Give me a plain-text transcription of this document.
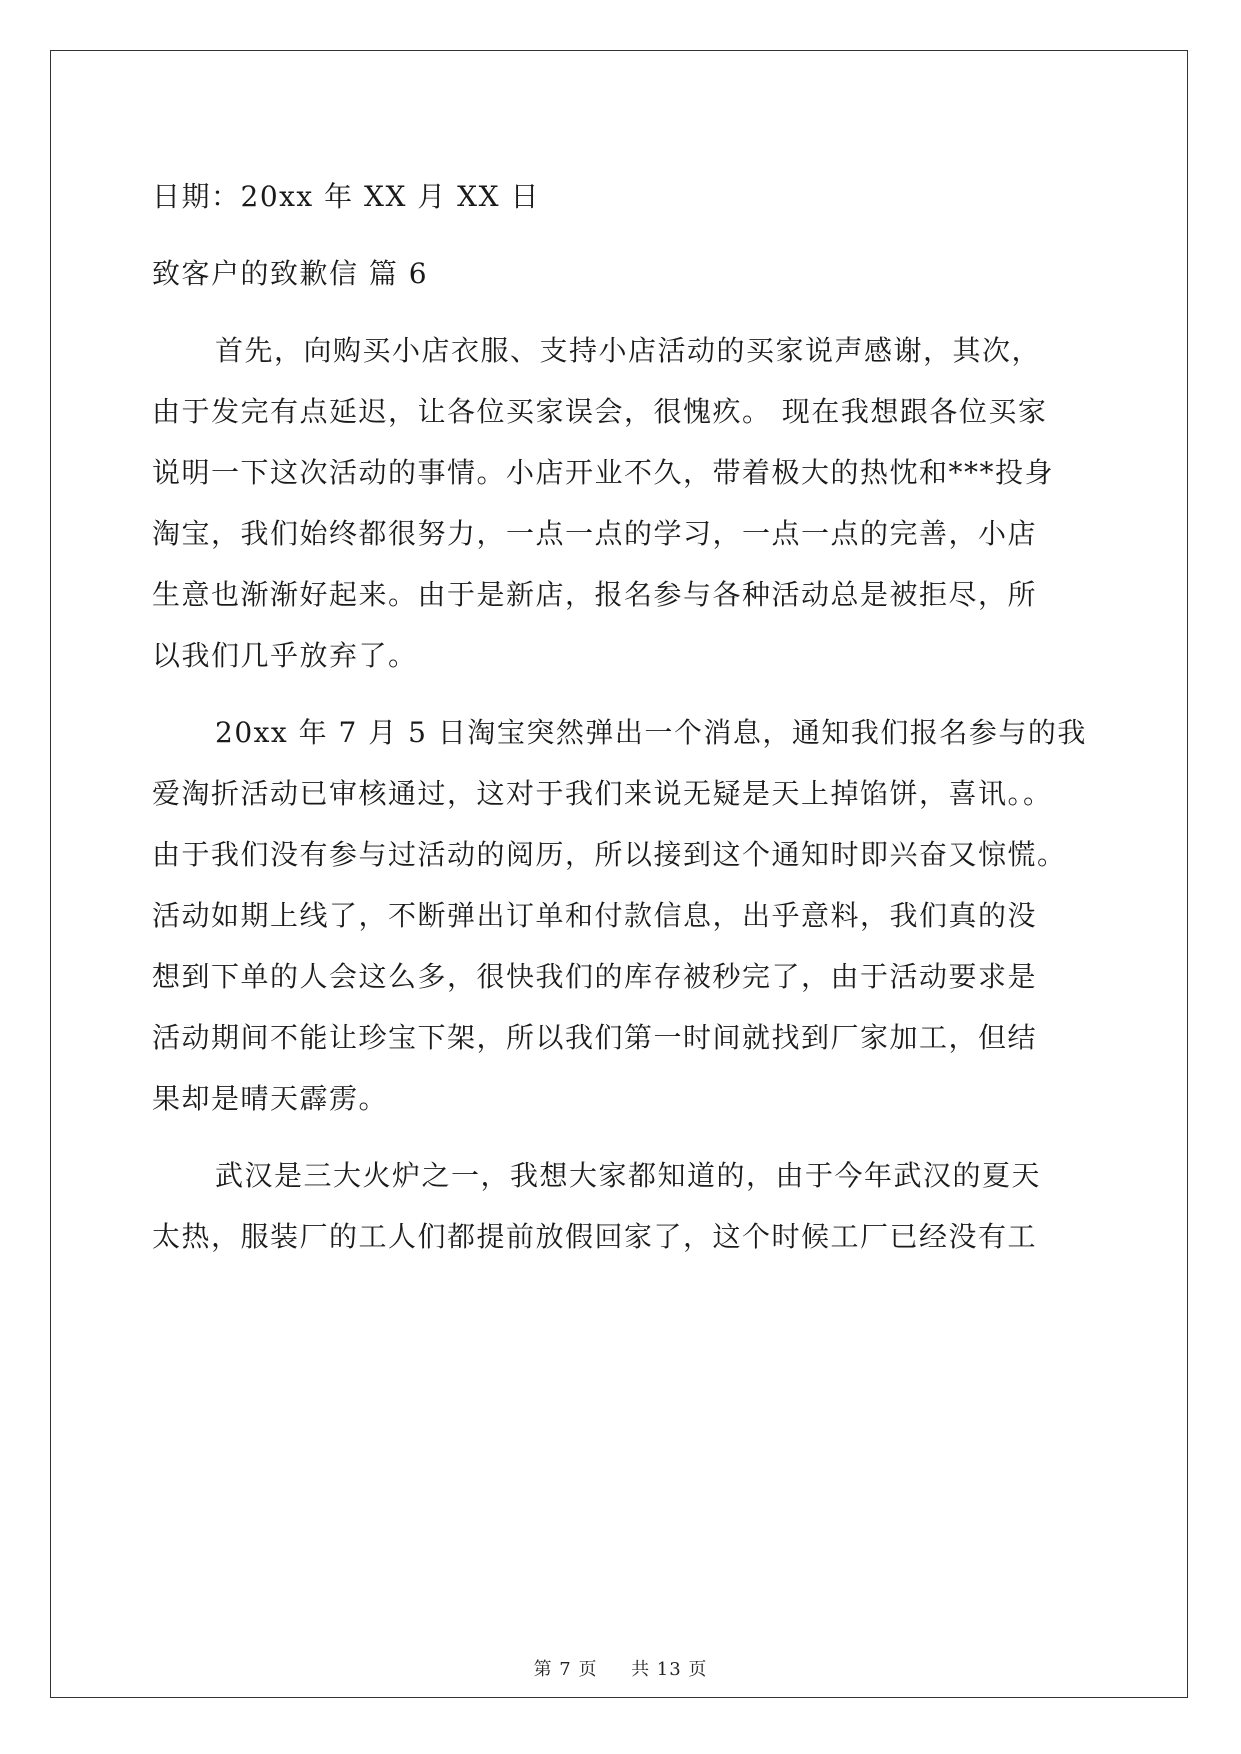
日期：20xx 年 XX 月 XX 日
致客户的致歉信 篇 6
首先，向购买小店衣服、支持小店活动的买家说声感谢，其次，
由于发完有点延迟，让各位买家误会，很愧疚。 现在我想跟各位买家
说明一下这次活动的事情。小店开业不久，带着极大的热忱和***投身
淘宝，我们始终都很努力，一点一点的学习，一点一点的完善，小店
生意也渐渐好起来。由于是新店，报名参与各种活动总是被拒尽，所
以我们几乎放弃了。
20xx 年 7 月 5 日淘宝突然弹出一个消息，通知我们报名参与的我
爱淘折活动已审核通过，这对于我们来说无疑是天上掉馅饼，喜讯。。
由于我们没有参与过活动的阅历，所以接到这个通知时即兴奋又惊慌。
活动如期上线了，不断弹出订单和付款信息，出乎意料，我们真的没
想到下单的人会这么多，很快我们的库存被秒完了，由于活动要求是
活动期间不能让珍宝下架，所以我们第一时间就找到厂家加工，但结
果却是晴天霹雳。
武汉是三大火炉之一，我想大家都知道的，由于今年武汉的夏天
太热，服装厂的工人们都提前放假回家了，这个时候工厂已经没有工
第 7 页 共 13 页
